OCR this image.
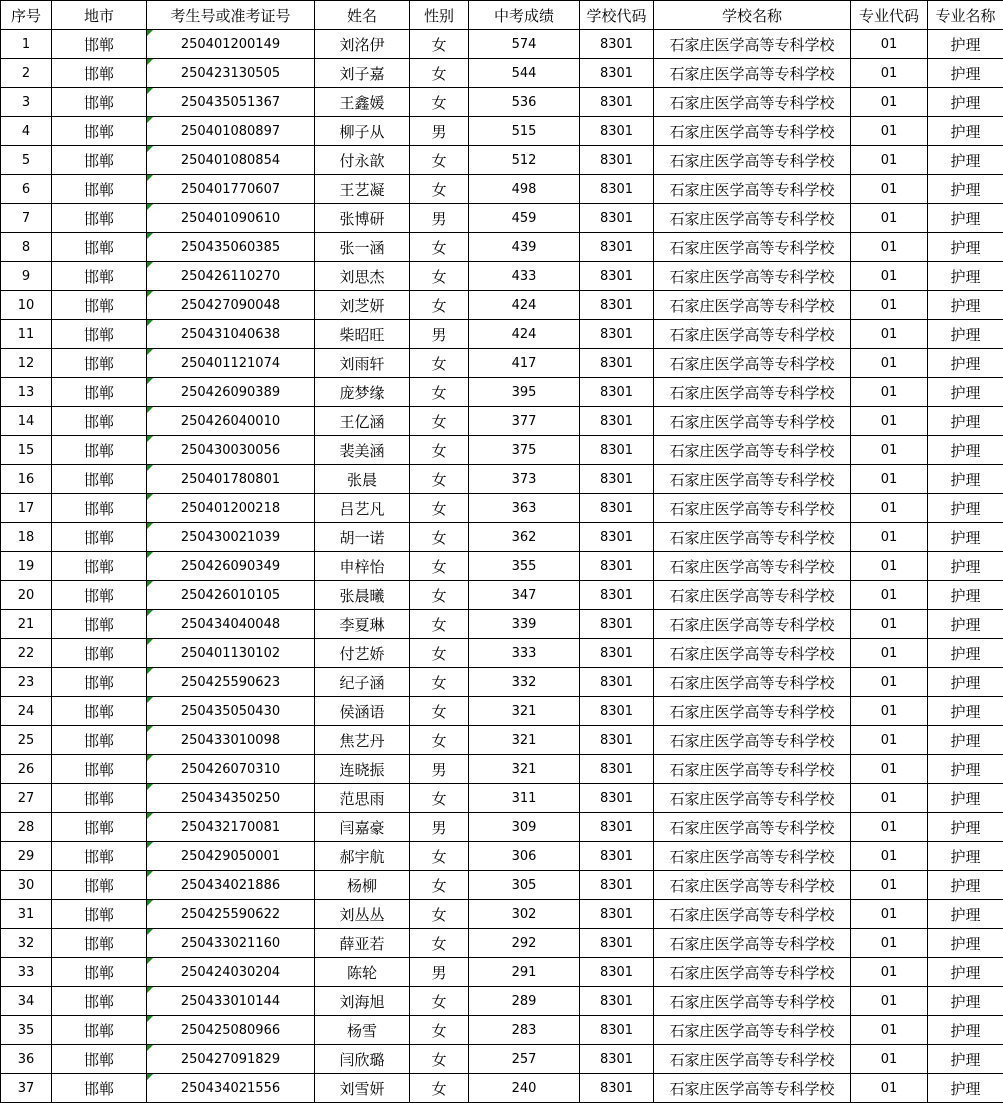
序号	地市	考生号或准考证号	姓名	性别	中考成绩	学校代码	学校名称	专业代码	专业名称
1	邯郸	250401200149	刘洺伊	女	574	8301	石家庄医学高等专科学校	01	护理
2	邯郸	250423130505	刘子嘉	女	544	8301	石家庄医学高等专科学校	01	护理
3	邯郸	250435051367	王鑫媛	女	536	8301	石家庄医学高等专科学校	01	护理
4	邯郸	250401080897	柳子从	男	515	8301	石家庄医学高等专科学校	01	护理
5	邯郸	250401080854	付永歆	女	512	8301	石家庄医学高等专科学校	01	护理
6	邯郸	250401770607	王艺凝	女	498	8301	石家庄医学高等专科学校	01	护理
7	邯郸	250401090610	张博研	男	459	8301	石家庄医学高等专科学校	01	护理
8	邯郸	250435060385	张一涵	女	439	8301	石家庄医学高等专科学校	01	护理
9	邯郸	250426110270	刘思杰	女	433	8301	石家庄医学高等专科学校	01	护理
10	邯郸	250427090048	刘芝妍	女	424	8301	石家庄医学高等专科学校	01	护理
11	邯郸	250431040638	柴昭旺	男	424	8301	石家庄医学高等专科学校	01	护理
12	邯郸	250401121074	刘雨轩	女	417	8301	石家庄医学高等专科学校	01	护理
13	邯郸	250426090389	庞梦缘	女	395	8301	石家庄医学高等专科学校	01	护理
14	邯郸	250426040010	王亿涵	女	377	8301	石家庄医学高等专科学校	01	护理
15	邯郸	250430030056	裴美涵	女	375	8301	石家庄医学高等专科学校	01	护理
16	邯郸	250401780801	张晨	女	373	8301	石家庄医学高等专科学校	01	护理
17	邯郸	250401200218	吕艺凡	女	363	8301	石家庄医学高等专科学校	01	护理
18	邯郸	250430021039	胡一诺	女	362	8301	石家庄医学高等专科学校	01	护理
19	邯郸	250426090349	申梓怡	女	355	8301	石家庄医学高等专科学校	01	护理
20	邯郸	250426010105	张晨曦	女	347	8301	石家庄医学高等专科学校	01	护理
21	邯郸	250434040048	李夏琳	女	339	8301	石家庄医学高等专科学校	01	护理
22	邯郸	250401130102	付艺娇	女	333	8301	石家庄医学高等专科学校	01	护理
23	邯郸	250425590623	纪子涵	女	332	8301	石家庄医学高等专科学校	01	护理
24	邯郸	250435050430	侯涵语	女	321	8301	石家庄医学高等专科学校	01	护理
25	邯郸	250433010098	焦艺丹	女	321	8301	石家庄医学高等专科学校	01	护理
26	邯郸	250426070310	连晓振	男	321	8301	石家庄医学高等专科学校	01	护理
27	邯郸	250434350250	范思雨	女	311	8301	石家庄医学高等专科学校	01	护理
28	邯郸	250432170081	闫嘉豪	男	309	8301	石家庄医学高等专科学校	01	护理
29	邯郸	250429050001	郝宇航	女	306	8301	石家庄医学高等专科学校	01	护理
30	邯郸	250434021886	杨柳	女	305	8301	石家庄医学高等专科学校	01	护理
31	邯郸	250425590622	刘丛丛	女	302	8301	石家庄医学高等专科学校	01	护理
32	邯郸	250433021160	薛亚若	女	292	8301	石家庄医学高等专科学校	01	护理
33	邯郸	250424030204	陈轮	男	291	8301	石家庄医学高等专科学校	01	护理
34	邯郸	250433010144	刘海旭	女	289	8301	石家庄医学高等专科学校	01	护理
35	邯郸	250425080966	杨雪	女	283	8301	石家庄医学高等专科学校	01	护理
36	邯郸	250427091829	闫欣璐	女	257	8301	石家庄医学高等专科学校	01	护理
37	邯郸	250434021556	刘雪妍	女	240	8301	石家庄医学高等专科学校	01	护理
